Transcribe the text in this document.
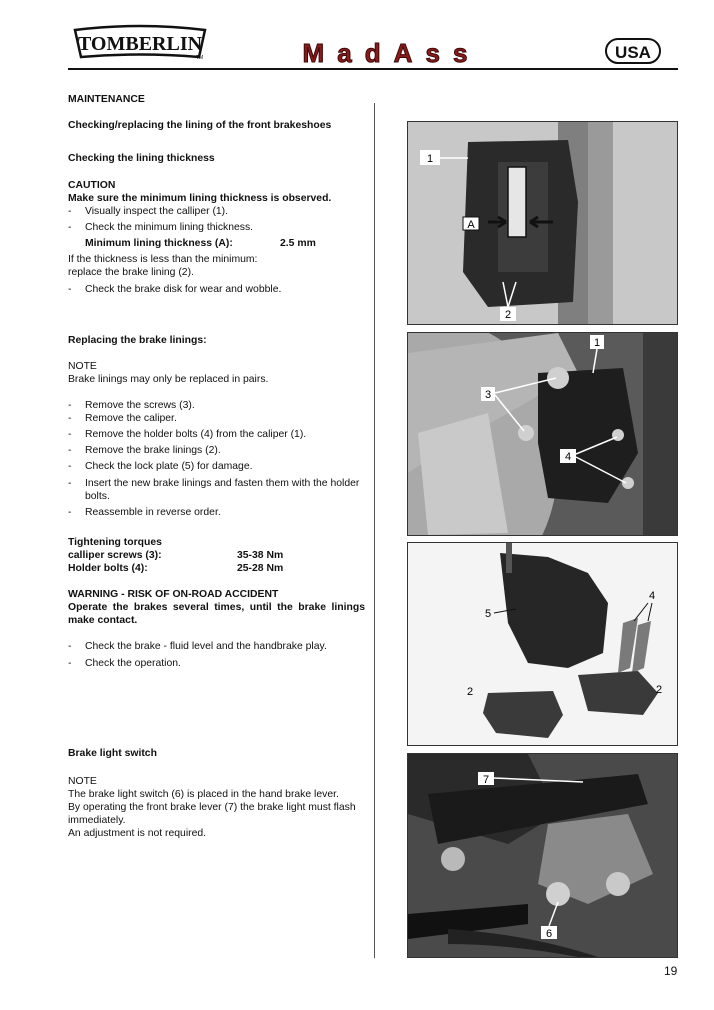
TOMBERLIN
TM	MadAss	USA
MAINTENANCE
Checking/replacing the lining of the front brakeshoes
Checking the lining thickness
CAUTION
Make sure the minimum lining thickness is observed.
- Visually inspect the calliper (1).
- Check the minimum lining thickness.
Minimum lining thickness (A):	2.5 mm
If the thickness is less than the minimum:
replace the brake lining (2).
- Check the brake disk for wear and wobble.
Replacing the brake linings:
NOTE
Brake linings may only be replaced in pairs.
- Remove the screws (3).
- Remove the caliper.
- Remove the holder bolts (4) from the caliper (1).
- Remove the brake linings (2).
- Check the lock plate (5) for damage.
- Insert the new brake linings and fasten them with the holder
bolts.
- Reassemble in reverse order.
Tightening torques
calliper screws (3):	35-38 Nm
Holder bolts (4):	25-28 Nm
WARNING - RISK OF ON-ROAD ACCIDENT
Operate the brakes several times, until the brake linings
make contact.
- Check the brake - fluid level and the handbrake play.
- Check the operation.
Brake light switch
NOTE
The brake light switch (6) is placed in the hand brake lever.
By operating the front brake lever (7) the brake light must flash
immediately.
An adjustment is not required.
A
1
2
1
3
4
5
4
2	2
7
6
19
